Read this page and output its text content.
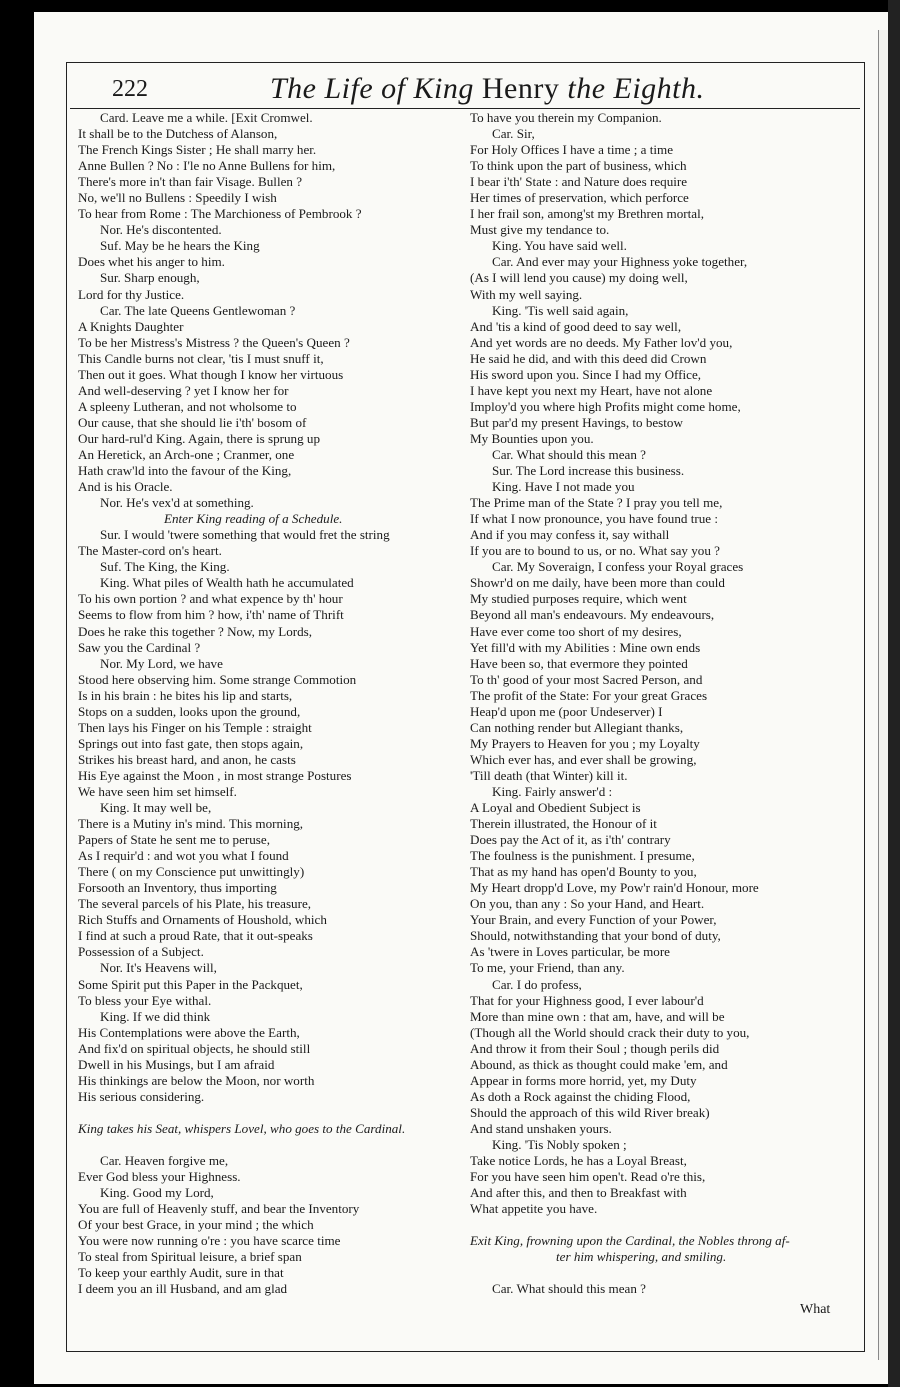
222	The Life of King Henry the Eighth.
Card. Leave me a while. [Exit Cromwel.
It shall be to the Dutchess of Alanson,
The French Kings Sister ; He shall marry her.
Anne Bullen ? No : I'le no Anne Bullens for him,
There's more in't than fair Visage. Bullen ?
No, we'll no Bullens : Speedily I wish
To hear from Rome : The Marchioness of Pembrook ?
Nor. He's discontented.
Suf. May be he hears the King
Does whet his anger to him.
Sur. Sharp enough,
Lord for thy Justice.
Car. The late Queens Gentlewoman ?
A Knights Daughter
To be her Mistress's Mistress ? the Queen's Queen ?
This Candle burns not clear, 'tis I must snuff it,
Then out it goes. What though I know her virtuous
And well-deserving ? yet I know her for
A spleeny Lutheran, and not wholsome to
Our cause, that she should lie i'th' bosom of
Our hard-rul'd King. Again, there is sprung up
An Heretick, an Arch-one ; Cranmer, one
Hath craw'ld into the favour of the King,
And is his Oracle.
Nor. He's vex'd at something.
Enter King reading of a Schedule.
Sur. I would 'twere something that would fret the string
The Master-cord on's heart.
Suf. The King, the King.
King. What piles of Wealth hath he accumulated
To his own portion ? and what expence by th' hour
Seems to flow from him ? how, i'th' name of Thrift
Does he rake this together ? Now, my Lords,
Saw you the Cardinal ?
Nor. My Lord, we have
Stood here observing him. Some strange Commotion
Is in his brain : he bites his lip and starts,
Stops on a sudden, looks upon the ground,
Then lays his Finger on his Temple : straight
Springs out into fast gate, then stops again,
Strikes his breast hard, and anon, he casts
His Eye against the Moon , in most strange Postures
We have seen him set himself.
King. It may well be,
There is a Mutiny in's mind. This morning,
Papers of State he sent me to peruse,
As I requir'd : and wot you what I found
There ( on my Conscience put unwittingly)
Forsooth an Inventory, thus importing
The several parcels of his Plate, his treasure,
Rich Stuffs and Ornaments of Houshold, which
I find at such a proud Rate, that it out-speaks
Possession of a Subject.
Nor. It's Heavens will,
Some Spirit put this Paper in the Packquet,
To bless your Eye withal.
King. If we did think
His Contemplations were above the Earth,
And fix'd on spiritual objects, he should still
Dwell in his Musings, but I am afraid
His thinkings are below the Moon, nor worth
His serious considering.
King takes his Seat, whispers Lovel, who goes to the Cardinal.
Car. Heaven forgive me,
Ever God bless your Highness.
King. Good my Lord,
You are full of Heavenly stuff, and bear the Inventory
Of your best Grace, in your mind ; the which
You were now running o're : you have scarce time
To steal from Spiritual leisure, a brief span
To keep your earthly Audit, sure in that
I deem you an ill Husband, and am glad
To have you therein my Companion.
Car. Sir,
For Holy Offices I have a time ; a time
To think upon the part of business, which
I bear i'th' State : and Nature does require
Her times of preservation, which perforce
I her frail son, among'st my Brethren mortal,
Must give my tendance to.
King. You have said well.
Car. And ever may your Highness yoke together,
(As I will lend you cause) my doing well,
With my well saying.
King. 'Tis well said again,
And 'tis a kind of good deed to say well,
And yet words are no deeds. My Father lov'd you,
He said he did, and with this deed did Crown
His sword upon you. Since I had my Office,
I have kept you next my Heart, have not alone
Imploy'd you where high Profits might come home,
But par'd my present Havings, to bestow
My Bounties upon you.
Car. What should this mean ?
Sur. The Lord increase this business.
King. Have I not made you
The Prime man of the State ? I pray you tell me,
If what I now pronounce, you have found true :
And if you may confess it, say withall
If you are to bound to us, or no. What say you ?
Car. My Soveraign, I confess your Royal graces
Showr'd on me daily, have been more than could
My studied purposes require, which went
Beyond all man's endeavours. My endeavours,
Have ever come too short of my desires,
Yet fill'd with my Abilities : Mine own ends
Have been so, that evermore they pointed
To th' good of your most Sacred Person, and
The profit of the State: For your great Graces
Heap'd upon me (poor Undeserver) I
Can nothing render but Allegiant thanks,
My Prayers to Heaven for you ; my Loyalty
Which ever has, and ever shall be growing,
'Till death (that Winter) kill it.
King. Fairly answer'd :
A Loyal and Obedient Subject is
Therein illustrated, the Honour of it
Does pay the Act of it, as i'th' contrary
The foulness is the punishment. I presume,
That as my hand has open'd Bounty to you,
My Heart dropp'd Love, my Pow'r rain'd Honour, more
On you, than any : So your Hand, and Heart.
Your Brain, and every Function of your Power,
Should, notwithstanding that your bond of duty,
As 'twere in Loves particular, be more
To me, your Friend, than any.
Car. I do profess,
That for your Highness good, I ever labour'd
More than mine own : that am, have, and will be
(Though all the World should crack their duty to you,
And throw it from their Soul ; though perils did
Abound, as thick as thought could make 'em, and
Appear in forms more horrid, yet, my Duty
As doth a Rock against the chiding Flood,
Should the approach of this wild River break)
And stand unshaken yours.
King. 'Tis Nobly spoken ;
Take notice Lords, he has a Loyal Breast,
For you have seen him open't. Read o're this,
And after this, and then to Breakfast with
What appetite you have.
Exit King, frowning upon the Cardinal, the Nobles throng af-
ter him whispering, and smiling.
Car. What should this mean ?
What
